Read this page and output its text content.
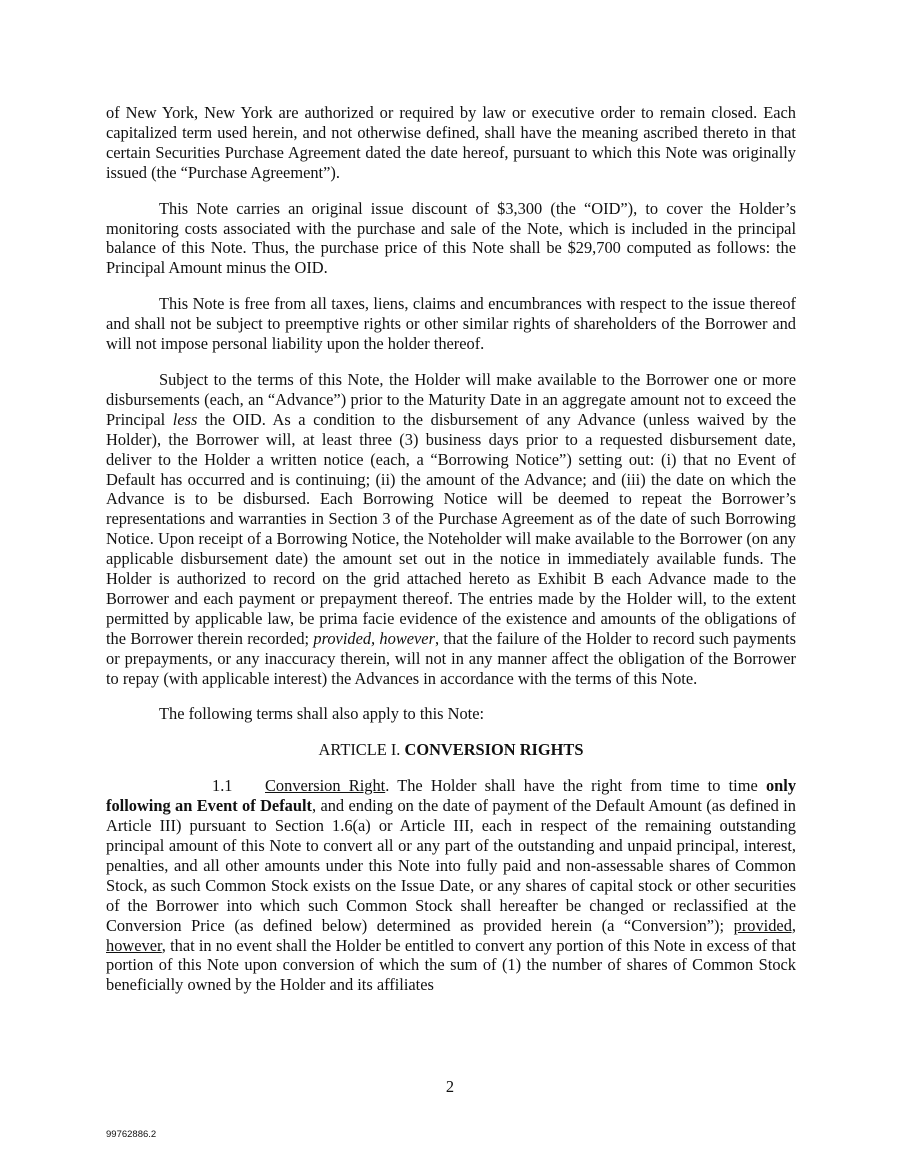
of New York, New York are authorized or required by law or executive order to remain closed. Each capitalized term used herein, and not otherwise defined, shall have the meaning ascribed thereto in that certain Securities Purchase Agreement dated the date hereof, pursuant to which this Note was originally issued (the “Purchase Agreement”).

This Note carries an original issue discount of $3,300 (the “OID”), to cover the Holder’s monitoring costs associated with the purchase and sale of the Note, which is included in the principal balance of this Note. Thus, the purchase price of this Note shall be $29,700 computed as follows: the Principal Amount minus the OID.

This Note is free from all taxes, liens, claims and encumbrances with respect to the issue thereof and shall not be subject to preemptive rights or other similar rights of shareholders of the Borrower and will not impose personal liability upon the holder thereof.

Subject to the terms of this Note, the Holder will make available to the Borrower one or more disbursements (each, an “Advance”) prior to the Maturity Date in an aggregate amount not to exceed the Principal less the OID. As a condition to the disbursement of any Advance (unless waived by the Holder), the Borrower will, at least three (3) business days prior to a requested disbursement date, deliver to the Holder a written notice (each, a “Borrowing Notice”) setting out: (i) that no Event of Default has occurred and is continuing; (ii) the amount of the Advance; and (iii) the date on which the Advance is to be disbursed. Each Borrowing Notice will be deemed to repeat the Borrower’s representations and warranties in Section 3 of the Purchase Agreement as of the date of such Borrowing Notice. Upon receipt of a Borrowing Notice, the Noteholder will make available to the Borrower (on any applicable disbursement date) the amount set out in the notice in immediately available funds. The Holder is authorized to record on the grid attached hereto as Exhibit B each Advance made to the Borrower and each payment or prepayment thereof. The entries made by the Holder will, to the extent permitted by applicable law, be prima facie evidence of the existence and amounts of the obligations of the Borrower therein recorded; provided, however, that the failure of the Holder to record such payments or prepayments, or any inaccuracy therein, will not in any manner affect the obligation of the Borrower to repay (with applicable interest) the Advances in accordance with the terms of this Note.

The following terms shall also apply to this Note:

ARTICLE I. CONVERSION RIGHTS

1.1 Conversion Right. The Holder shall have the right from time to time only following an Event of Default, and ending on the date of payment of the Default Amount (as defined in Article III) pursuant to Section 1.6(a) or Article III, each in respect of the remaining outstanding principal amount of this Note to convert all or any part of the outstanding and unpaid principal, interest, penalties, and all other amounts under this Note into fully paid and non-assessable shares of Common Stock, as such Common Stock exists on the Issue Date, or any shares of capital stock or other securities of the Borrower into which such Common Stock shall hereafter be changed or reclassified at the Conversion Price (as defined below) determined as provided herein (a “Conversion”); provided, however, that in no event shall the Holder be entitled to convert any portion of this Note in excess of that portion of this Note upon conversion of which the sum of (1) the number of shares of Common Stock beneficially owned by the Holder and its affiliates

2
99762886.2
